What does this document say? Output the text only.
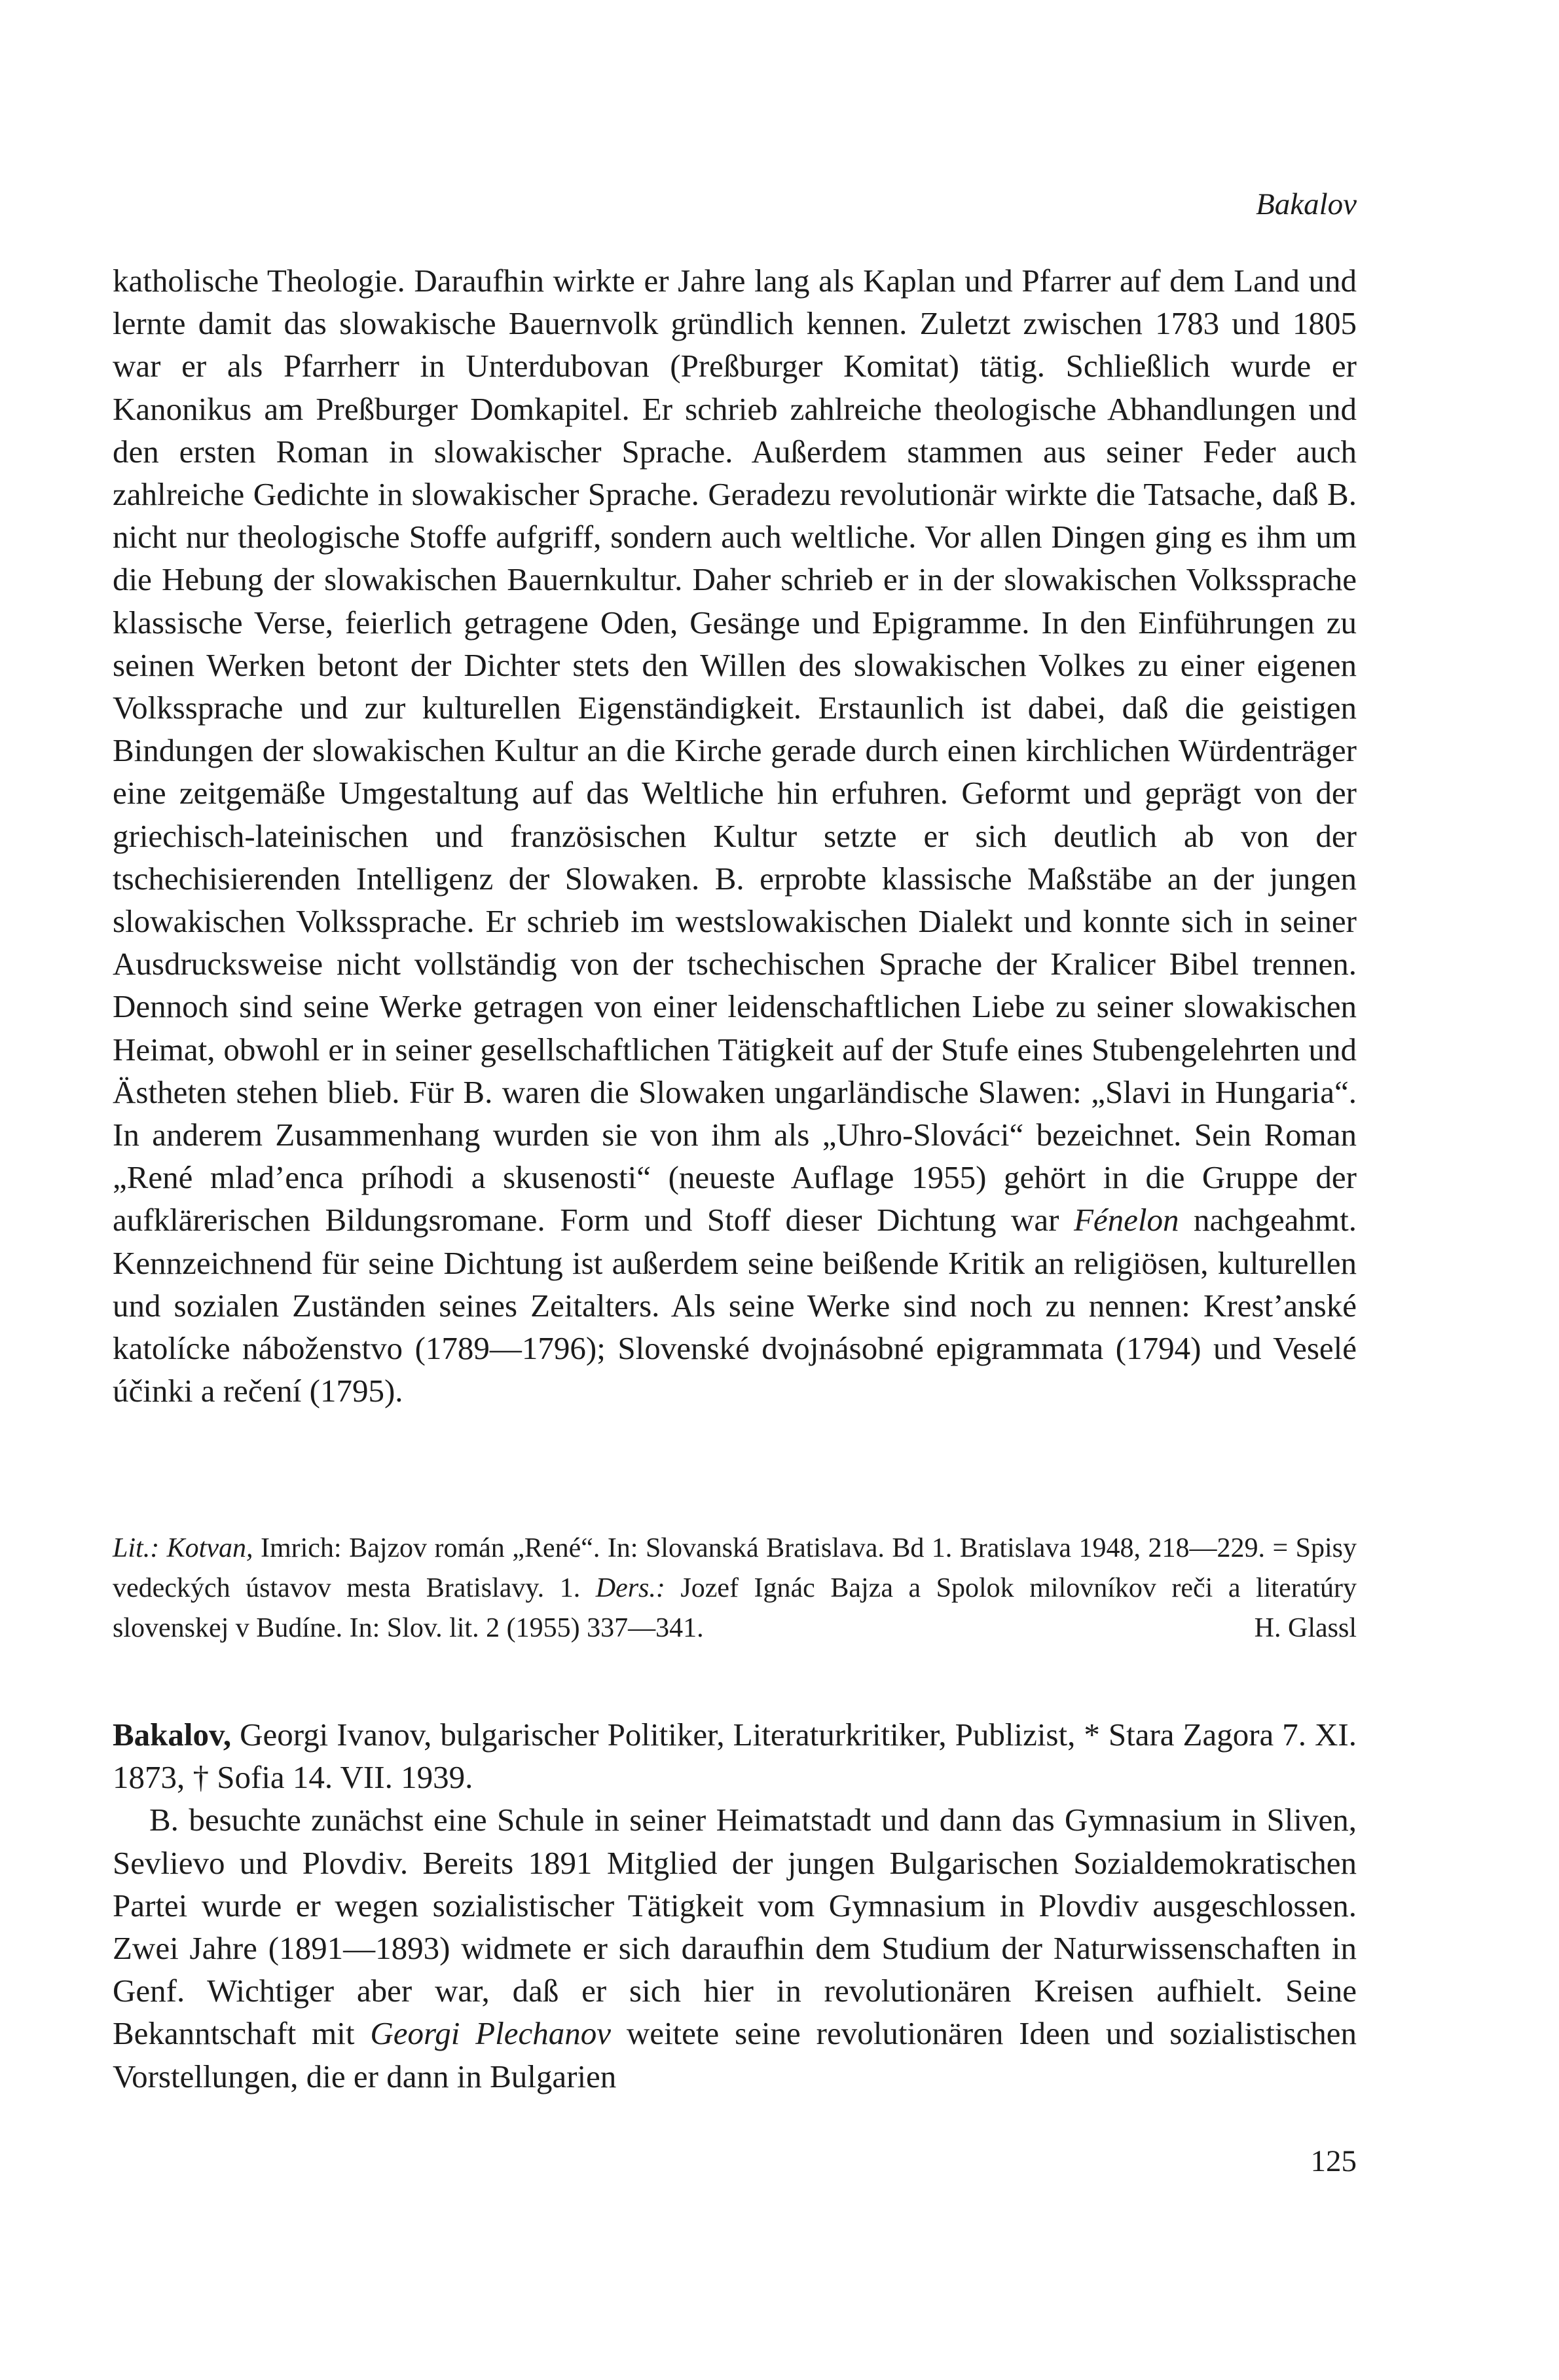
Bakalov

katholische Theologie. Daraufhin wirkte er Jahre lang als Kaplan und Pfarrer auf dem Land und lernte damit das slowakische Bauernvolk gründlich kennen. Zuletzt zwischen 1783 und 1805 war er als Pfarrherr in Unterdubovan (Preßburger Komitat) tätig. Schließlich wurde er Kanonikus am Preßburger Domkapitel. Er schrieb zahlreiche theologische Abhandlungen und den ersten Roman in slowakischer Sprache. Außerdem stammen aus seiner Feder auch zahlreiche Gedichte in slowakischer Sprache. Geradezu revolutionär wirkte die Tatsache, daß B. nicht nur theologische Stoffe aufgriff, sondern auch weltliche. Vor allen Dingen ging es ihm um die Hebung der slowakischen Bauernkultur. Daher schrieb er in der slowakischen Volkssprache klassische Verse, feierlich getragene Oden, Gesänge und Epigramme. In den Einführungen zu seinen Werken betont der Dichter stets den Willen des slowakischen Volkes zu einer eigenen Volkssprache und zur kulturellen Eigenständigkeit. Erstaunlich ist dabei, daß die geistigen Bindungen der slowakischen Kultur an die Kirche gerade durch einen kirchlichen Würdenträger eine zeitgemäße Umgestaltung auf das Weltliche hin erfuhren. Geformt und geprägt von der griechisch-lateinischen und französischen Kultur setzte er sich deutlich ab von der tschechisierenden Intelligenz der Slowaken. B. erprobte klassische Maßstäbe an der jungen slowakischen Volkssprache. Er schrieb im westslowakischen Dialekt und konnte sich in seiner Ausdrucksweise nicht vollständig von der tschechischen Sprache der Kralicer Bibel trennen. Dennoch sind seine Werke getragen von einer leidenschaftlichen Liebe zu seiner slowakischen Heimat, obwohl er in seiner gesellschaftlichen Tätigkeit auf der Stufe eines Stubengelehrten und Ästheten stehen blieb. Für B. waren die Slowaken ungarländische Slawen: „Slavi in Hungaria“. In anderem Zusammenhang wurden sie von ihm als „Uhro-Slováci“ bezeichnet. Sein Roman „René mlad’enca príhodi a skusenosti“ (neueste Auflage 1955) gehört in die Gruppe der aufklärerischen Bildungsromane. Form und Stoff dieser Dichtung war Fénelon nachgeahmt. Kennzeichnend für seine Dichtung ist außerdem seine beißende Kritik an religiösen, kulturellen und sozialen Zuständen seines Zeitalters. Als seine Werke sind noch zu nennen: Krest’anské katolícke náboženstvo (1789—1796); Slovenské dvojnásobné epigrammata (1794) und Veselé účinki a rečení (1795).

Lit.: Kotvan, Imrich: Bajzov román „René“. In: Slovanská Bratislava. Bd 1. Bratislava 1948, 218—229. = Spisy vedeckých ústavov mesta Bratislavy. 1. Ders.: Jozef Ignác Bajza a Spolok milovníkov reči a literatúry slovenskej v Budíne. In: Slov. lit. 2 (1955) 337—341.	H. Glassl

Bakalov, Georgi Ivanov, bulgarischer Politiker, Literaturkritiker, Publizist, * Stara Zagora 7. XI. 1873, † Sofia 14. VII. 1939.

B. besuchte zunächst eine Schule in seiner Heimatstadt und dann das Gymnasium in Sliven, Sevlievo und Plovdiv. Bereits 1891 Mitglied der jungen Bulgarischen Sozialdemokratischen Partei wurde er wegen sozialistischer Tätigkeit vom Gymnasium in Plovdiv ausgeschlossen. Zwei Jahre (1891—1893) widmete er sich daraufhin dem Studium der Naturwissenschaften in Genf. Wichtiger aber war, daß er sich hier in revolutionären Kreisen aufhielt. Seine Bekanntschaft mit Georgi Plechanov weitete seine revolutionären Ideen und sozialistischen Vorstellungen, die er dann in Bulgarien

125
